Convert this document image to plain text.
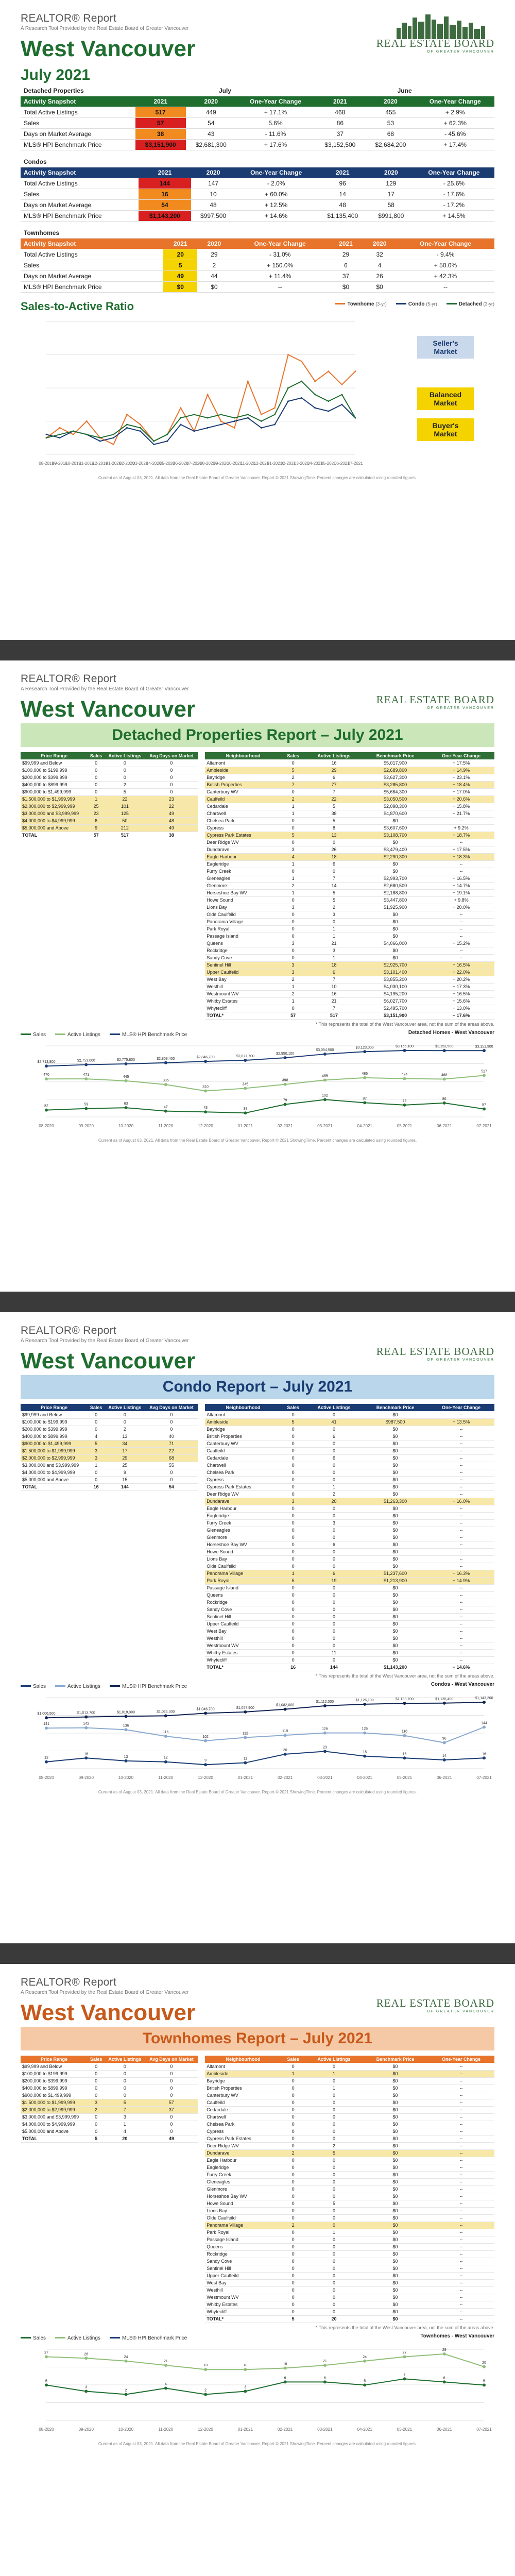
REALTOR® Report
A Research Tool Provided by the Real Estate Board of Greater Vancouver
West Vancouver
July 2021
REAL ESTATE BOARD
OF GREATER VANCOUVER
Detached Properties	July			June		
Activity Snapshot	2021	2020	One-Year Change	2021	2020	One-Year Change
Total Active Listings	517	449	+ 17.1%	468	455	+ 2.9%
Sales	57	54	5.6%	86	53	+ 62.3%
Days on Market Average	38	43	- 11.6%	37	68	- 45.6%
MLS® HPI Benchmark Price	$3,151,900	$2,681,300	+ 17.6%	$3,152,500	$2,684,200	+ 17.4%
Condos						
Activity Snapshot	2021	2020	One-Year Change	2021	2020	One-Year Change
Total Active Listings	144	147	- 2.0%	96	129	- 25.6%
Sales	16	10	+ 60.0%	14	17	- 17.6%
Days on Market Average	54	48	+ 12.5%	48	58	- 17.2%
MLS® HPI Benchmark Price	$1,143,200	$997,500	+ 14.6%	$1,135,400	$991,800	+ 14.5%
Townhomes						
Activity Snapshot	2021	2020	One-Year Change	2021	2020	One-Year Change
Total Active Listings	20	29	- 31.0%	29	32	- 9.4%
Sales	5	2	+ 150.0%	6	4	+ 50.0%
Days on Market Average	49	44	+ 11.4%	37	26	+ 42.3%
MLS® HPI Benchmark Price	$0	$0	--	$0	$0	--
Sales-to-Active Ratio	Townhome (3-yr)	Condo (5-yr)	Detached (3-yr)
08-2019
09-2019
10-2019
11-2019
12-2019
01-2020
02-2020
03-2020
04-2020
05-2020
06-2020
07-2020
08-2020
09-2020
10-2020
11-2020
12-2020
01-2021
02-2021
03-2021
04-2021
05-2021
06-2021
07-2021
Seller's Market
Balanced Market
Buyer's Market
Current as of August 03, 2021. All data from the Real Estate Board of Greater Vancouver. Report © 2021 ShowingTime. Percent changes are calculated using rounded figures.
REALTOR® Report
A Research Tool Provided by the Real Estate Board of Greater Vancouver
West Vancouver	REAL ESTATE BOARD
OF GREATER VANCOUVER
Detached Properties Report – July 2021
Price Range	Sales	Active Listings	Avg Days on Market
$99,999 and Below	0	0	0
$100,000 to $199,999	0	0	0
$200,000 to $399,999	0	0	0
$400,000 to $899,999	0	2	0
$900,000 to $1,499,999	0	5	0
$1,500,000 to $1,999,999	1	22	23
$2,000,000 to $2,999,999	25	101	22
$3,000,000 and $3,999,999	23	125	49
$4,000,000 to $4,999,999	6	50	48
$5,000,000 and Above	9	212	49
TOTAL	57	517	38
Neighbourhood	Sales	Active Listings	Benchmark Price	One-Year Change
Altamont	0	16	$5,017,900	+ 17.5%
Ambleside	5	29	$2,689,800	+ 14.9%
Bayridge	2	6	$2,627,300	+ 23.1%
British Properties	7	77	$3,285,800	+ 18.4%
Canterbury WV	0	7	$5,664,300	+ 17.0%
Caulfeild	2	22	$3,050,500	+ 20.6%
Cedardale	1	5	$2,098,300	+ 15.8%
Chartwell	1	38	$4,870,600	+ 21.7%
Chelsea Park	0	5	$0	--
Cypress	0	8	$3,607,600	+ 9.2%
Cypress Park Estates	5	13	$3,108,700	+ 18.7%
Deer Ridge WV	0	0	$0	--
Dundarave	3	26	$3,479,400	+ 17.5%
Eagle Harbour	4	18	$2,290,300	+ 18.3%
Eagleridge	1	6	$0	--
Furry Creek	0	0	$0	--
Gleneagles	1	7	$2,993,700	+ 16.5%
Glenmore	2	14	$2,680,500	+ 14.7%
Horseshoe Bay WV	1	5	$2,188,800	+ 19.1%
Howe Sound	0	5	$3,447,800	+ 9.8%
Lions Bay	3	2	$1,925,900	+ 20.0%
Olde Caulfeild	0	3	$0	--
Panorama Village	0	0	$0	--
Park Royal	0	1	$0	--
Passage Island	0	1	$0	--
Queens	3	21	$4,066,000	+ 15.2%
Rockridge	0	3	$0	--
Sandy Cove	0	1	$0	--
Sentinel Hill	3	18	$2,925,700	+ 16.5%
Upper Caulfeild	3	6	$3,101,400	+ 22.0%
West Bay	2	7	$3,855,200	+ 20.2%
Westhill	1	10	$4,030,100	+ 17.3%
Westmount WV	2	16	$4,195,200	+ 16.5%
Whitby Estates	1	21	$6,027,700	+ 15.6%
Whytecliff	0	7	$2,495,700	+ 13.0%
TOTAL*	57	517	$3,151,900	+ 17.6%
* This represents the total of the West Vancouver area, not the sum of the areas above.
Sales	Active Listings	MLS® HPI Benchmark Price	Detached Homes - West Vancouver
08-2020	09-2020	10-2020	11-2020	12-2020	01-2021	02-2021	03-2021	04-2021	05-2021	06-2021	07-2021
$2,713,800	$2,753,000	$2,775,800	$2,808,400	$2,846,700	$2,877,700
$2,950,100
$3,054,500
$3,123,000	$3,155,100	$3,152,500	$3,151,900
470	471
445
395
310
345
398
455
486	474	468
517
52	59	63
47	43	38
79
102
87
76
86
57
Current as of August 03, 2021. All data from the Real Estate Board of Greater Vancouver. Report © 2021 ShowingTime. Percent changes are calculated using rounded figures.
REALTOR® Report
A Research Tool Provided by the Real Estate Board of Greater Vancouver
West Vancouver	REAL ESTATE BOARD
OF GREATER VANCOUVER
Condo Report – July 2021
Price Range	Sales	Active Listings	Avg Days on Market
$99,999 and Below	0	0	0
$100,000 to $199,999	0	0	0
$200,000 to $399,999	0	2	0
$400,000 to $899,999	4	13	40
$900,000 to $1,499,999	5	34	71
$1,500,000 to $1,999,999	3	17	22
$2,000,000 to $2,999,999	3	29	68
$3,000,000 and $3,999,999	1	25	55
$4,000,000 to $4,999,999	0	9	0
$5,000,000 and Above	0	15	0
TOTAL	16	144	54
Neighbourhood	Sales	Active Listings	Benchmark Price	One-Year Change
Altamont	0	0	$0	--
Ambleside	5	41	$987,500	+ 13.5%
Bayridge	0	0	$0	--
British Properties	0	6	$0	--
Canterbury WV	0	0	$0	--
Caulfeild	0	0	$0	--
Cedardale	0	6	$0	--
Chartwell	0	0	$0	--
Chelsea Park	0	0	$0	--
Cypress	0	0	$0	--
Cypress Park Estates	0	1	$0	--
Deer Ridge WV	0	2	$0	--
Dundarave	3	20	$1,263,300	+ 16.0%
Eagle Harbour	0	0	$0	--
Eagleridge	0	0	$0	--
Furry Creek	0	3	$0	--
Gleneagles	0	0	$0	--
Glenmore	0	0	$0	--
Horseshoe Bay WV	0	6	$0	--
Howe Sound	0	0	$0	--
Lions Bay	0	0	$0	--
Olde Caulfeild	0	0	$0	--
Panorama Village	1	6	$1,237,600	+ 16.3%
Park Royal	5	19	$1,213,900	+ 14.9%
Passage Island	0	0	$0	--
Queens	0	0	$0	--
Rockridge	0	0	$0	--
Sandy Cove	0	0	$0	--
Sentinel Hill	0	0	$0	--
Upper Caulfeild	0	0	$0	--
West Bay	0	0	$0	--
Westhill	0	0	$0	--
Westmount WV	0	0	$0	--
Whitby Estates	0	11	$0	--
Whytecliff	0	0	$0	--
TOTAL*	16	144	$1,143,200	+ 14.6%
* This represents the total of the West Vancouver area, not the sum of the areas above.
Sales	Active Listings	MLS® HPI Benchmark Price	Condos - West Vancouver
08-2020	09-2020	10-2020	11-2020	12-2020	01-2021	02-2021	03-2021	04-2021	05-2021	06-2021	07-2021
$1,006,500	$1,013,700	$1,019,300	$1,024,300
$1,046,700	$1,057,900
$1,082,000
$1,112,000	$1,126,100	$1,133,700	$1,135,400	$1,143,200
141	142
136
116
102
112
119
126	126
118
96
144
12
16
13	12
9
11
20
23
18
16
14
16
Current as of August 03, 2021. All data from the Real Estate Board of Greater Vancouver. Report © 2021 ShowingTime. Percent changes are calculated using rounded figures.
REALTOR® Report
A Research Tool Provided by the Real Estate Board of Greater Vancouver
West Vancouver	REAL ESTATE BOARD
OF GREATER VANCOUVER
Townhomes Report – July 2021
Price Range	Sales	Active Listings	Avg Days on Market
$99,999 and Below	0	0	0
$100,000 to $199,999	0	0	0
$200,000 to $399,999	0	0	0
$400,000 to $899,999	0	0	0
$900,000 to $1,499,999	0	0	0
$1,500,000 to $1,999,999	3	5	57
$2,000,000 to $2,999,999	2	7	37
$3,000,000 and $3,999,999	0	3	0
$4,000,000 to $4,999,999	0	1	0
$5,000,000 and Above	0	4	0
TOTAL	5	20	49
Neighbourhood	Sales	Active Listings	Benchmark Price	One-Year Change
Altamont	0	0	$0	--
Ambleside	1	1	$0	--
Bayridge	0	0	$0	--
British Properties	0	1	$0	--
Canterbury WV	0	0	$0	--
Caulfeild	0	0	$0	--
Cedardale	0	0	$0	--
Chartwell	0	0	$0	--
Chelsea Park	0	0	$0	--
Cypress	0	0	$0	--
Cypress Park Estates	0	0	$0	--
Deer Ridge WV	0	2	$0	--
Dundarave	2	5	$0	--
Eagle Harbour	0	0	$0	--
Eagleridge	0	0	$0	--
Furry Creek	0	0	$0	--
Gleneagles	0	0	$0	--
Glenmore	0	0	$0	--
Horseshoe Bay WV	0	0	$0	--
Howe Sound	0	5	$0	--
Lions Bay	0	0	$0	--
Olde Caulfeild	0	0	$0	--
Panorama Village	2	0	$0	--
Park Royal	0	1	$0	--
Passage Island	0	0	$0	--
Queens	0	0	$0	--
Rockridge	0	0	$0	--
Sandy Cove	0	0	$0	--
Sentinel Hill	0	0	$0	--
Upper Caulfeild	0	0	$0	--
West Bay	0	0	$0	--
Westhill	0	0	$0	--
Westmount WV	0	0	$0	--
Whitby Estates	0	0	$0	--
Whytecliff	0	0	$0	--
TOTAL*	5	20	$0	--
* This represents the total of the West Vancouver area, not the sum of the areas above.
Sales	Active Listings	MLS® HPI Benchmark Price	Townhomes - West Vancouver
08-2020	09-2020	10-2020	11-2020	12-2020	01-2021	02-2021	03-2021	04-2021	05-2021	06-2021	07-2021
27	26
24
21
18	18	19
21
24
27
29
20
5
3
2
4
2
3
6	6
5
7
6
5
Current as of August 03, 2021. All data from the Real Estate Board of Greater Vancouver. Report © 2021 ShowingTime. Percent changes are calculated using rounded figures.
